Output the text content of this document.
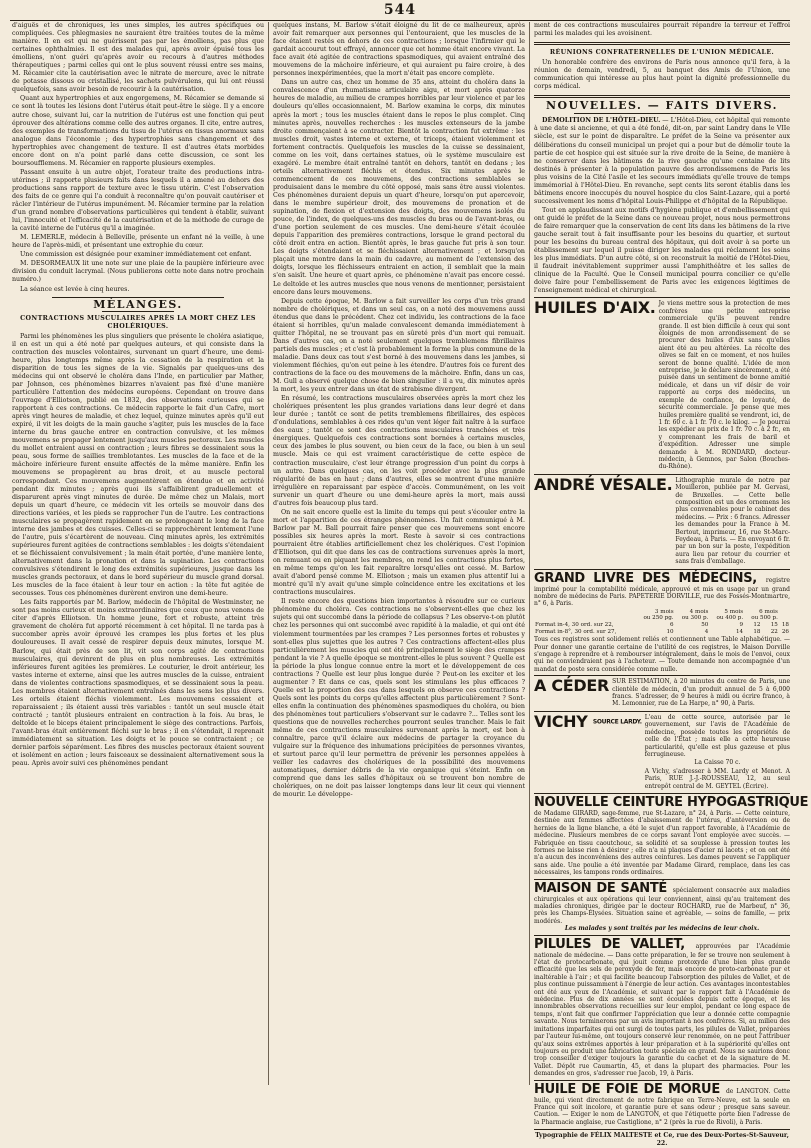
544

d'aiguës et de chroniques, les unes simples, les autres spécifiques ou compliquées. Ces phlegmasies ne sauraient être traitées toutes de la même manière. Il en est qui ne guérissent pas par les émolliens, pas plus que certaines ophthalmies. Il est des malades qui, après avoir épuisé tous les émolliens, n'ont guéri qu'après avoir eu recours à d'autres méthodes thérapeutiques ; parmi celles qui ont le plus souvent réussi entre ses mains, M. Récamier cite la cautérisation avec le nitrate de mercure, avec le nitrate de potasse dissous ou cristallisé, les sachets pulvérulens, qui lui ont réussi quelquefois, sans avoir besoin de recourir à la cautérisation.

Quant aux hypertrophies et aux engorgemens, M. Récamier se demande si ce sont là toutes les lésions dont l'utérus était peut-être le siège. Il y a encore autre chose, suivant lui, car la nutrition de l'utérus est une fonction qui peut éprouver des altérations comme celle des autres organes. Il cite, entre autres, des exemples de transformations du tissu de l'utérus en tissus anormaux sans analogue dans l'économie ; des hypertrophies sans changement et des hypertrophies avec changement de texture. Il est d'autres états morbides encore dont on n'a point parlé dans cette discussion, ce sont les boursoufflemens. M. Récamier en rapporte plusieurs exemples.

Passant ensuite à un autre objet, l'orateur traite des productions intra-utérines ; il rapporte plusieurs faits dans lesquels il a amené au dehors des productions sans rapport de texture avec le tissu utérin. C'est l'observation des faits de ce genre qui l'a conduit à reconnaître qu'on pouvait cautériser et râcler l'intérieur de l'utérus impunément. M. Récamier termine par la relation d'un grand nombre d'observations particulières qui tendent à établir, suivant lui, l'innocuité et l'efficacité de la cautérisation et de la méthode de curage de la cavité interne de l'utérus qu'il a imaginée.

M. LEMERLE, médecin à Belleville, présente un enfant né la veille, à une heure de l'après-midi, et présentant une extrophie du cœur.

Une commission est désignée pour examiner immédiatement cet enfant.

M. DESORMEAUX lit une note sur une plaie de la paupière inférieure avec division du conduit lacrymal. (Nous publierons cette note dans notre prochain numéro.)

La séance est levée à cinq heures.

MÉLANGES.
CONTRACTIONS MUSCULAIRES APRÈS LA MORT CHEZ LES CHOLÉRIQUES.

Parmi les phénomènes les plus singuliers que présente le choléra asiatique, il en est un qui a été noté par quelques auteurs, et qui consiste dans la contraction des muscles volontaires, survenant un quart d'heure, une demi-heure, plus longtemps même après la cessation de la respiration et la disparition de tous les signes de la vie. Signalés par quelques-uns des médecins qui ont observé le choléra dans l'Inde, en particulier par Mather, par Johnson, ces phénomènes bizarres n'avaient pas fixé d'une manière particulière l'attention des médecins européens. Cependant on trouve dans l'ouvrage d'Elliotson, publié en 1832, des observations curieuses qui se rapportent à ces contractions. Ce médecin rapporte le fait d'un Cafre, mort après vingt heures de maladie, et chez lequel, quinze minutes après qu'il eut expiré, il vit les doigts de la main gauche s'agiter, puis les muscles de la face interne du bras gauche entrer en contraction convulsive, et les mêmes mouvemens se propager lentement jusqu'aux muscles pectoraux. Les muscles du mollet entraient aussi en contraction ; leurs fibres se dessinaient sous la peau, sous forme de saillies tremblotantes. Les muscles de la face et de la mâchoire inférieure furent ensuite affectés de la même manière. Enfin les mouvemens se propagèrent au bras droit, et au muscle pectoral correspondant. Ces mouvemens augmentèrent en étendue et en activité pendant dix minutes ; après quoi ils s'affaiblirent graduellement et disparurent après vingt minutes de durée. De même chez un Malais, mort depuis un quart d'heure, ce médecin vit les orteils se mouvoir dans des directions variées, et les pieds se rapprocher l'un de l'autre. Les contractions musculaires se propagèrent rapidement en se prolongeant le long de la face interne des jambes et des cuisses. Celles-ci se rapprochèrent lentement l'une de l'autre, puis s'écartèrent de nouveau. Cinq minutes après, les extrémités supérieures furent agitées de contractions semblables : les doigts s'étendaient et se fléchissaient convulsivement ; la main était portée, d'une manière lente, alternativement dans la pronation et dans la supination. Les contractions convulsives s'étendirent le long des extrémités supérieures, jusque dans les muscles grands pectoraux, et dans le bord supérieur du muscle grand dorsal. Les muscles de la face étaient à leur tour en action : la tête fut agitée de secousses. Tous ces phénomènes durèrent environ une demi-heure.

Les faits rapportés par M. Barlow, médecin de l'hôpital de Westminster, ne sont pas moins curieux et moins extraordinaires que ceux que nous venons de citer d'après Elliotson. Un homme jeune, fort et robuste, atteint très gravement de choléra fut apporté récemment à cet hôpital. Il ne tarda pas à succomber après avoir éprouvé les crampes les plus fortes et les plus douloureuses. Il avait cessé de respirer depuis deux minutes, lorsque M. Barlow, qui était près de son lit, vit son corps agité de contractions musculaires, qui devinrent de plus en plus nombreuses. Les extrémités inférieures furent agitées les premières. Le couturier, le droit antérieur, les vastes interne et externe, ainsi que les autres muscles de la cuisse, entraient dans de violentes contractions spasmodiques, et se dessinaient sous la peau. Les membres étaient alternativement entraînés dans les sens les plus divers. Les orteils étaient fléchis violemment. Les mouvemens cessaient et reparaissaient ; ils étaient aussi très variables : tantôt un seul muscle était contracté ; tantôt plusieurs entraient en contraction à la fois. Au bras, le deltoïde et le biceps étaient principalement le siège des contractions. Parfois, l'avant-bras était entièrement fléchi sur le bras ; il en s'étendait, il reprenait immédiatement sa situation. Les doigts et le pouce se contractaient ; ce dernier parfois séparément. Les fibres des muscles pectoraux étaient souvent et isolément en action ; leurs faisceaux se dessinaient alternativement sous la peau. Après avoir suivi ces phénomènes pendant

quelques instans, M. Barlow s'était éloigné du lit de ce malheureux, après avoir fait remarquer aux personnes qui l'entouraient, que les muscles de la face étaient restés en dehors de ces contractions ; lorsque l'infirmier qui le gardait accourut tout effrayé, annoncer que cet homme était encore vivant. La face avait été agitée de contractions spasmodiques, qui avaient entraîné des mouvemens de la mâchoire inférieure, et qui auraient pu faire croire, à des personnes inexpérimentées, que la mort n'était pas encore complète.

Dans un autre cas, chez un homme de 35 ans, atteint du choléra dans la convalescence d'un rhumatisme articulaire aigu, et mort après quatorze heures de maladie, au milieu de crampes horribles par leur violence et par les douleurs qu'elles occasionnaient, M. Barlow examina le corps, dix minutes après la mort ; tous les muscles étaient dans le repos le plus complet. Cinq minutes après, nouvelles recherches : les muscles extenseurs de la jambe droite commençaient à se contracter. Bientôt la contraction fut extrême : les muscles droit, vastes interne et externe, et triceps, étaient violemment et fortement contractés. Quelquefois les muscles de la cuisse se dessinaient, comme on les voit, dans certaines statues, où le système musculaire est exagéré. Le membre était entraîné tantôt en dehors, tantôt en dedans ; les orteils alternativement fléchis et étendus. Six minutes après le commencement de ces mouvemens, des contractions semblables se produisaient dans le membre du côté opposé, mais sans être aussi violentes. Ces phénomènes duraient depuis un quart d'heure, lorsqu'on put apercevoir, dans le membre supérieur droit, des mouvemens de pronation et de supination, de flexion et d'extension des doigts, des mouvemens isolés du pouce, de l'index, de quelques-uns des muscles du bras ou de l'avant-bras, ou d'une portion seulement de ces muscles. Une demi-heure s'était écoulée depuis l'apparition des premières contractions, lorsque le grand pectoral du côté droit entra en action. Bientôt après, le bras gauche fut pris à son tour. Les doigts s'étendaient et se fléchissaient alternativement ; et lorsqu'on plaçait une montre dans la main du cadavre, au moment de l'extension des doigts, lorsque les fléchisseurs entraient en action, il semblait que la main s'en saisît. Une heure et quart après, ce phénomène n'avait pas encore cessé. Le deltoïde et les autres muscles que nous venons de mentionner, persistaient encore dans leurs mouvemens.

Depuis cette époque, M. Barlow a fait surveiller les corps d'un très grand nombre de cholériques, et dans un seul cas, on a noté des mouvemens aussi étendus que dans le précédent. Chez cet individu, les contractions de la face étaient si horribles, qu'un malade convalescent demanda immédiatement à quitter l'hôpital, ne se trouvant pas en sûreté près d'un mort qui remuait. Dans d'autres cas, on a noté seulement quelques tremblemens fibrillaires partiels des muscles ; et c'est là probablement la forme la plus commune de la maladie. Dans deux cas tout s'est borné à des mouvemens dans les jambes, si violemment fléchies, qu'on eut peine à les étendre. D'autres fois ce furent des contractions de la face ou des mouvemens de la mâchoire. Enfin, dans un cas, M. Gull a observé quelque chose de bien singulier : il a vu, dix minutes après la mort, les yeux entrer dans un état de strabisme divergent.

En résumé, les contractions musculaires observées après la mort chez les cholériques présentent les plus grandes variations dans leur degré et dans leur durée ; tantôt ce sont de petits tremblemens fibrillaires, des espèces d'ondulations, semblables à ces rides qu'un vent léger fait naître à la surface des eaux ; tantôt ce sont des contractions musculaires tranchées et très énergiques. Quelquefois ces contractions sont bornées à certains muscles, ceux des jambes le plus souvent, ou bien ceux de la face, ou bien à un seul muscle. Mais ce qui est vraiment caractéristique de cette espèce de contraction musculaire, c'est leur étrange progression d'un point du corps à un autre. Dans quelques cas, on les voit procéder avec la plus grande régularité de bas en haut ; dans d'autres, elles se montrent d'une manière irrégulière en reparaissant par espèce d'accès. Communément, on les voit survenir un quart d'heure ou une demi-heure après la mort, mais aussi d'autres fois beaucoup plus tard.

On ne sait encore quelle est la limite du temps qui peut s'écouler entre la mort et l'apparition de ces étranges phénomènes. Un fait communiqué à M. Barlow par M. Ball pourrait faire penser que ces mouvemens sont encore possibles six heures après la mort. Reste à savoir si ces contractions pourraient être établies artificiellement chez les cholériques. C'est l'opinion d'Elliotson, qui dit que dans les cas de contractions survenues après la mort, on remuant ou en piquant les membres, on rend les contractions plus fortes, en même temps qu'on les fait reparaître lorsqu'elles ont cessé. M. Barlow avait d'abord pensé comme M. Elliotson ; mais un examen plus attentif lui a montré qu'il n'y avait qu'une simple coïncidence entre les excitations et les contractions musculaires.

Il reste encore des questions bien importantes à résoudre sur ce curieux phénomène du choléra. Ces contractions ne s'observent-elles que chez les sujets qui ont succombé dans la période de collapsus ? Les observe-t-on plutôt chez les personnes qui ont succombé avec rapidité à la maladie, et qui ont été violemment tourmentées par les crampes ? Les personnes fortes et robustes y sont-elles plus sujettes que les autres ? Ces contractions affectent-elles plus particulièrement les muscles qui ont été principalement le siège des crampes pendant la vie ? A quelle époque se montrent-elles le plus souvent ? Quelle est la période la plus longue connue entre la mort et le développement de ces contractions ? Quelle est leur plus longue durée ? Peut-on les exciter et les augmenter ? Et dans ce cas, quels sont les stimulans les plus efficaces ? Quelle est la proportion des cas dans lesquels on observe ces contractions ? Quels sont les points du corps qu'elles affectent plus particulièrement ? Sont-elles enfin la continuation des phénomènes spasmodiques du choléra, ou bien des phénomènes tout particuliers s'observant sur le cadavre ?... Telles sont les questions que de nouvelles recherches pourront seules trancher. Mais le fait même de ces contractions musculaires survenant après la mort, est bon à connaître, parce qu'il éclaire aux médecins de partager la croyance du vulgaire sur la fréquence des inhumations précipitées de personnes vivantes, et surtout parce qu'il leur permettra de prévenir les personnes appelées à veiller les cadavres des cholériques de la possibilité des mouvemens automatiques, dernier débris de la vie organique qui s'éteint. Enfin on comprend que dans les salles d'hôpitaux où se trouvent bon nombre de cholériques, on ne doit pas laisser longtemps dans leur lit ceux qui viennent de mourir. Le développe-

ment de ces contractions musculaires pourrait répandre la terreur et l'effroi parmi les malades qui les avoisinent.

RÉUNIONS CONFRATERNELLES DE L'UNION MÉDICALE.

Un honorable confrère des environs de Paris nous annonce qu'il fera, à la réunion de demain, vendredi, 5, au banquet des Amis de l'Union, une communication qui intéresse au plus haut point la dignité professionnelle du corps médical.

NOUVELLES. — FAITS DIVERS.

DÉMOLITION DE L'HÔTEL-DIEU. — L'Hôtel-Dieu, cet hôpital qui remonte à une date si ancienne, et qui a été fondé, dit-on, par saint Landry dans le VIIe siècle, est sur le point de disparaître. Le préfet de la Seine va présenter aux délibérations du conseil municipal un projet qui a pour but de démolir toute la partie de cet hospice qui est située sur la rive droite de la Seine, de manière à ne conserver dans les bâtimens de la rive gauche qu'une centaine de lits destinés à présenter à la population pauvre des arrondissemens de Paris les plus voisins de la Cité l'asile et les secours immédiats qu'elle trouve de temps immémorial à l'Hôtel-Dieu. En revanche, sept cents lits seront établis dans les bâtimens encore inoccupés du nouvel hospice du clos Saint-Lazare, qui a porté successivement les noms d'hôpital Louis-Philippe et d'hôpital de la République.

Tout en applaudissant aux motifs d'hygiène publique et d'embellissement qui ont guidé le préfet de la Seine dans ce nouveau projet, nous nous permettrons de faire remarquer que la conservation de cent lits dans les bâtimens de la rive gauche serait tout à fait insuffisante pour les besoins du quartier, et surtout pour les besoins du bureau central des hôpitaux, qui doit avoir à sa porte un établissement sur lequel il puisse diriger les malades qui réclament les soins les plus immédiats. D'un autre côté, si on reconstruit la moitié de l'Hôtel-Dieu, il faudrait inévitablement supprimer aussi l'amphithéâtre et les salles de clinique de la Faculté. Que le Conseil municipal pourra concilier ce qu'elle doive faire pour l'embellissement de Paris avec les exigences légitimes de l'enseignement médical et chirurgical.

HUILES D'AIX. Je viens mettre sous la protection de mes confrères une petite entreprise commerciale qu'ils peuvent rendre grande. Il est bien difficile à ceux qui sont éloignés de mon arrondissement de se procurer des huiles d'Aix sans qu'elles aient été au peu altérées. La récolte des olives se fait en ce moment, et nos huiles seront de bonne qualité. L'idée de mon entreprise, je le déclare sincèrement, a été puisée dans un sentiment de bonne amitié médicale, et dans un vif désir de voir rapporté au corps des médecins, un exemple de confiance, de loyauté, de sécurité commerciale. Je pense que mes huiles première qualité se vendront, ici, de 1 fr. 60 c. à 1 fr. 70 c. le kilog. — Je pourrai les expédier au prix de 1 fr. 70 c. à 2 fr., en y comprenant les frais de baril et d'expédition. Adresser une simple demande à M. RONDARD, docteur-médecin, à Gemnos, par Salon (Bouches-du-Rhône).

ANDRÉ VÉSALE. Lithographie murale de notre par Mouilleron, publiée par M. Gervasi, de Bruxelles. — Cette belle composition est un des ornemens les plus convenables pour le cabinet des médecins. — Prix : 6 francs. Adresser les demandes pour la France à M. Bertout, imprimeur, 16, rue St-Marc-Feydeau, à Paris. — En envoyant 6 fr. par un bon sur la poste, l'expédition aura lieu par retour du courrier et sans frais d'emballage.

GRAND LIVRE DES MÉDECINS, registre imprimé pour la comptabilité médicale, approuvé et mis en usage par un grand nombre de médecins de Paris. PAPETERIE DORVILLE, rue des Fossés-Montmartre, n° 6, à Paris.
	3 mois	4 mois	5 mois	6 mois		
	ou 250 pg.	ou 300 p.	ou 400 p.	ou 500 p.		
Format in-4, 30 ord. sur 22,	6	50	9	12	15	18
Format in-8°, 30 ord. sur 27,	10	4	14	18	22	26
Tous ces registres sont solidement reliés et contiennent une Table alphabétique. — Pour donner une garantie certaine de l'utilité de ces registres, le Maison Dorville s'engage à reprendre et à rembourser intégralement, dans le mois de l'envoi, ceux qui ne conviendraient pas à l'acheteur. — Toute demande non accompagnée d'un mandat de poste sera considérée comme nulle.
A CÉDER SUR ESTIMATION, à 20 minutes du centre de Paris, une clientèle de médecin, d'un produit annuel de 5 à 6,000 francs. S'adresser, de 9 heures à midi ou écrire franco, à M. Lemonnier, rue de La Harpe, n° 90, à Paris.

VICHY SOURCE LARDY.

L'eau de cette source, autorisée par le gouvernement, sur l'avis de l'Académie de médecine, possède toutes les propriétés de celle de l'État ; mais elle a cette heureuse particularité, qu'elle est plus gazeuse et plus ferrugineuse.

La Caisse 70 c.

A Vichy, s'adresser à MM. Lardy et Menot. A Paris, RUE J.-J.-ROUSSEAU, 12, au seul entrepôt central de M. GEYTEL (Écrire).

NOUVELLE CEINTURE HYPOGASTRIQUE de Madame GIRARD, sage-femme, rue St-Lazare, n° 24, à Paris. — Cette ceinture, destinée aux femmes affectées d'abaissement de l'utérus, d'antéversion ou de hernies de la ligne blanche, a été le sujet d'un rapport favorable, à l'Académie de médecine. Plusieurs membres de ce corps savant l'ont employée avec succès. — Fabriquée en tissu caoutchouc, sa solidité et sa souplesse à pression toutes les formes ne laisse rien à désirer ; elle n'a ni plaques d'acier ni lacets ; et on ont été n'a aucun des inconvéniens des autres ceintures. Les dames peuvent se l'appliquer sans aide. Une poulie a été inventée par Madame Girard, remplace, dans les cas nécessaires, les tampons ronds ordinaires.
MAISON DE SANTÉ spécialement consacrée aux maladies chirurgicales et aux opérations qui leur conviennent, ainsi qu'au traitement des maladies chroniques, dirigée par le docteur ROCHARD, rue de Marbeuf, n° 36, près les Champs-Élysées. Situation saine et agréable, — soins de famille, — prix modérés.
Les malades y sont traités par les médecins de leur choix.
PILULES DE VALLET, approuvées par l'Académie nationale de médecine. — Dans cette préparation, le fer se trouve non seulement à l'état de protocarbonate, qui jouit comme protoxyde d'une bien plus grande efficacité que les sels de peroxyde de fer, mais encore de proto-carbonate pur et inaltérable à l'air ; et qui facilite beaucoup l'absorption des pilules de Vallet, et de plus continue puissamment à l'énergie de leur action. Ces avantages incontestables ont été aux yeux de l'Académie, et suivant par le rapport fait à l'Académie de médecine. Plus de dix années se sont écoulées depuis cette époque, et les innombrables observations recueillies sur leur emploi, pendant ce long espace de temps, n'ont fait que confirmer l'appréciation que leur a donnée cette compagnie savante. Nous terminerons par un avis important à nos confrères. Si, au milieu des imitations imparfaites qui ont surgi de toutes parts, les pilules de Vallet, préparées par l'auteur lui-même, ont toujours conservé leur renommée, on ne peut l'attribuer qu'aux soins extrêmes apportés à leur préparation et à la supériorité qu'elles ont toujours eu produit une fabrication toute spéciale en grand. Nous ne saurions donc trop conseiller d'exiger toujours la garantie du cachet et de la signature de M. Vallet. Dépôt rue Caumartin, 45, et dans la plupart des pharmacies. Pour les demandes en gros, s'adresser rue Jacob, 19, à Paris.
HUILE DE FOIE DE MORUE de LANGTON. Cette huile, qui vient directement de notre fabrique en Terre-Neuve, est la seule en France qui soit incolore, et garantie pure et sans odeur ; presque sans saveur. Caution. — Exiger le nom de LANGTON, et que l'étiquette porte bien l'adresse de la Pharmacie anglaise, rue Castiglione, n° 2 (près la rue de Rivoli), à Paris.
Typographie de FÉLIX MALTESTE et Ce, rue des Deux-Portes-St-Sauveur, 22.
